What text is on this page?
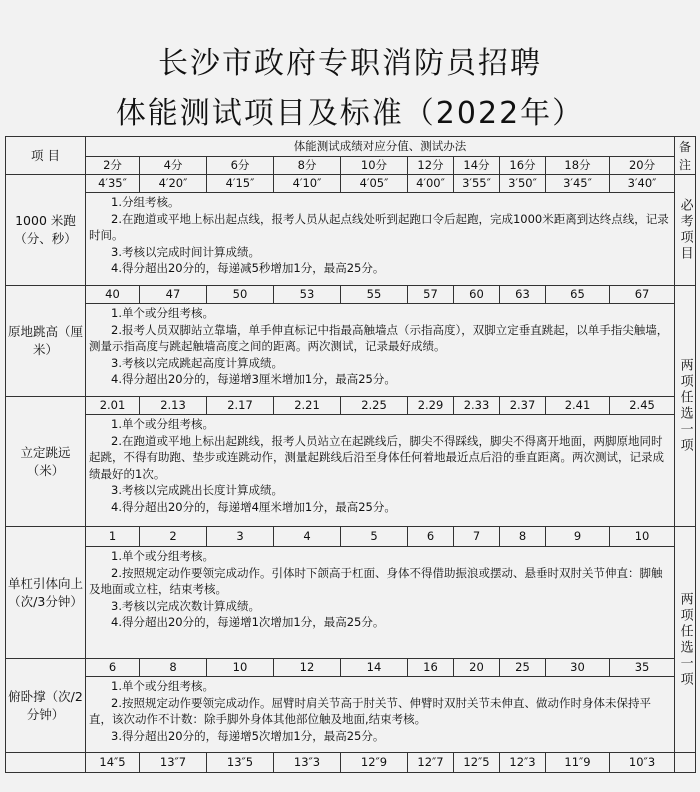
长沙市政府专职消防员招聘
体能测试项目及标准（2022年）
项 目	体能测试成绩对应分值、测试办法										备注
	2分	4分	6分	8分	10分	12分	14分	16分	18分	20分	
1000 米跑（分、秒）	4′35″	4′20″	4′15″	4′10″	4′05″	4′00″	3′55″	3′50″	3′45″	3′40″	必考项目

	1.分组考核。
2.在跑道或平地上标出起点线，报考人员从起点线处听到起跑口令后起跑，完成1000米距离到达终点线，记录时间。
3.考核以完成时间计算成绩。
4.得分超出20分的，每递减5秒增加1分，最高25分。										

原地跳高（厘米）	40	47	50	53	55	57	60	63	65	67	两项任选一项

	1.单个或分组考核。
2.报考人员双脚站立靠墙，单手伸直标记中指最高触墙点（示指高度），双脚立定垂直跳起，以单手指尖触墙，测量示指高度与跳起触墙高度之间的距离。两次测试，记录最好成绩。
3.考核以完成跳起高度计算成绩。
4.得分超出20分的，每递增3厘米增加1分，最高25分。										

立定跳远（米）	2.01	2.13	2.17	2.21	2.25	2.29	2.33	2.37	2.41	2.45	

	1.单个或分组考核。
2.在跑道或平地上标出起跳线，报考人员站立在起跳线后，脚尖不得踩线，脚尖不得离开地面，两脚原地同时起跳，不得有助跑、垫步或连跳动作，测量起跳线后沿至身体任何着地最近点后沿的垂直距离。两次测试，记录成绩最好的1次。
3.考核以完成跳出长度计算成绩。
4.得分超出20分的，每递增4厘米增加1分，最高25分。										

单杠引体向上（次/3分钟）	1	2	3	4	5	6	7	8	9	10	两项任选一项

	1.单个或分组考核。
2.按照规定动作要领完成动作。引体时下颌高于杠面、身体不得借助振浪或摆动、悬垂时双肘关节伸直：脚触及地面或立柱，结束考核。
3.考核以完成次数计算成绩。
4.得分超出20分的，每递增1次增加1分，最高25分。										

俯卧撑（次/2分钟）	6	8	10	12	14	16	20	25	30	35	

	1.单个或分组考核。
2.按照规定动作要领完成动作。屈臂时肩关节高于肘关节、伸臂时双肘关节未伸直、做动作时身体未保持平直，该次动作不计数：除手脚外身体其他部位触及地面,结束考核。
3.得分超出20分的，每递增5次增加1分，最高25分。										

	14″5	13″7	13″5	13″3	12″9	12″7	12″5	12″3	11″9	10″3	
